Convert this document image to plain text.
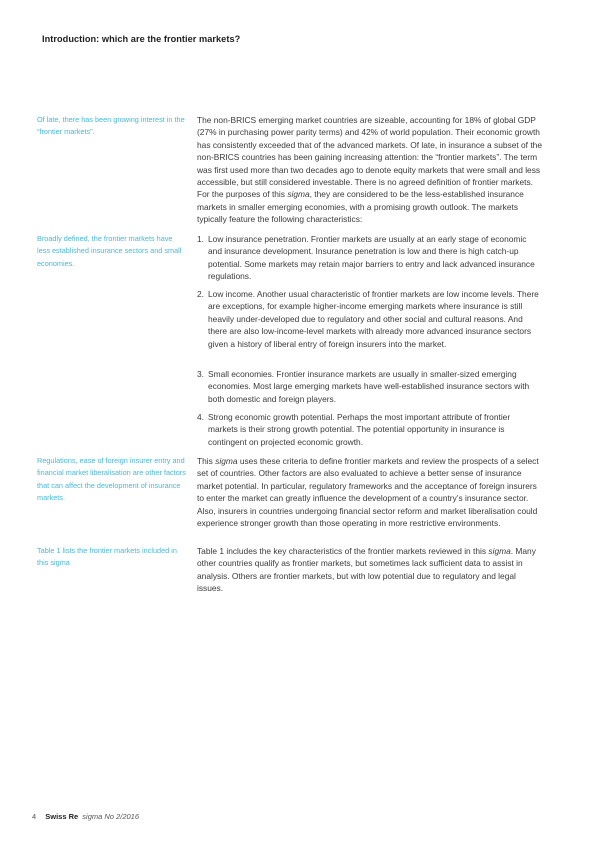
Introduction: which are the frontier markets?
Of late, there has been growing interest in the “frontier markets”.

The non-BRICS emerging market countries are sizeable, accounting for 18% of global GDP (27% in purchasing power parity terms) and 42% of world population. Their economic growth has consistently exceeded that of the advanced markets. Of late, in insurance a subset of the non-BRICS countries has been gaining increasing attention: the “frontier markets”. The term was first used more than two decades ago to denote equity markets that were small and less accessible, but still considered investable. There is no agreed definition of frontier markets. For the purposes of this sigma, they are considered to be the less-established insurance markets in smaller emerging economies, with a promising growth outlook. The markets typically feature the following characteristics:

Broadly defined, the frontier markets have less established insurance sectors and small economies.
1. Low insurance penetration. Frontier markets are usually at an early stage of economic and insurance development. Insurance penetration is low and there is high catch-up potential. Some markets may retain major barriers to entry and lack advanced insurance regulations.
2. Low income. Another usual characteristic of frontier markets are low income levels. There are exceptions, for example higher-income emerging markets where insurance is still heavily under-developed due to regulatory and other social and cultural reasons. And there are also low-income-level markets with already more advanced insurance sectors given a history of liberal entry of foreign insurers into the market.
3. Small economies. Frontier insurance markets are usually in smaller-sized emerging economies. Most large emerging markets have well-established insurance sectors with both domestic and foreign players.
4. Strong economic growth potential. Perhaps the most important attribute of frontier markets is their strong growth potential. The potential opportunity in insurance is contingent on projected economic growth.
Regulations, ease of foreign insurer entry and financial market liberalisation are other factors that can affect the development of insurance markets.

This sigma uses these criteria to define frontier markets and review the prospects of a select set of countries. Other factors are also evaluated to achieve a better sense of insurance market potential. In particular, regulatory frameworks and the acceptance of foreign insurers to enter the market can greatly influence the development of a country’s insurance sector. Also, insurers in countries undergoing financial sector reform and market liberalisation could experience stronger growth than those operating in more restrictive environments.

Table 1 lists the frontier markets included in this sigma

Table 1 includes the key characteristics of the frontier markets reviewed in this sigma. Many other countries qualify as frontier markets, but sometimes lack sufficient data to assist in analysis. Others are frontier markets, but with low potential due to regulatory and legal issues.

4 Swiss Re sigma No 2/2016
